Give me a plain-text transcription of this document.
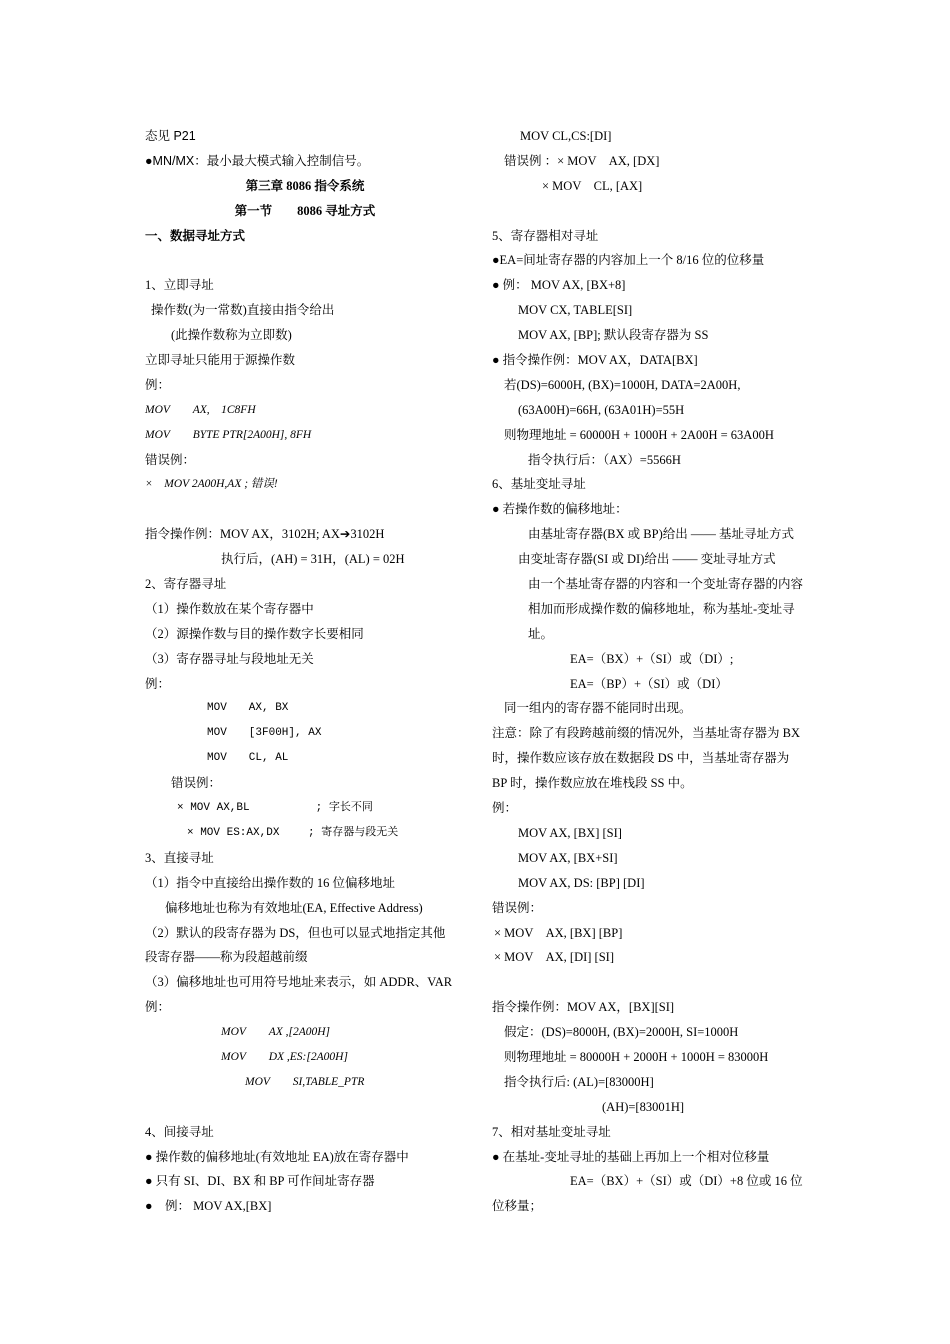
态见 P21
●MN/MX：最小最大模式输入控制信号。
第三章 8086 指令系统
第一节　　8086 寻址方式
一、数据寻址方式
1、立即寻址
操作数(为一常数)直接由指令给出
(此操作数称为立即数)
立即寻址只能用于源操作数
例：
MOV　　AX,　1C8FH
MOV　　BYTE PTR[2A00H], 8FH
错误例：
×　MOV 2A00H,AX ; 错误!
指令操作例：MOV AX，3102H; AX➔3102H
执行后，(AH) = 31H，(AL) = 02H
2、寄存器寻址
（1）操作数放在某个寄存器中
（2）源操作数与目的操作数字长要相同
（3）寄存器寻址与段地址无关
例：
MOV　　AX, BX
MOV　　[3F00H], AX
MOV　　CL, AL
错误例：
× MOV AX,BL　　　　　　; 字长不同
× MOV ES:AX,DX　　 ; 寄存器与段无关
3、直接寻址
（1）指令中直接给出操作数的 16 位偏移地址
偏移地址也称为有效地址(EA, Effective Address)
（2）默认的段寄存器为 DS，但也可以显式地指定其他
段寄存器——称为段超越前缀
（3）偏移地址也可用符号地址来表示，如 ADDR、VAR
例：
MOV　　AX ,[2A00H]
MOV　　DX ,ES:[2A00H]
MOV　　SI,TABLE_PTR
4、间接寻址
● 操作数的偏移地址(有效地址 EA)放在寄存器中
● 只有 SI、DI、BX 和 BP 可作间址寄存器
●　例： MOV AX,[BX]
MOV CL,CS:[DI]
错误例 ：× MOV　AX, [DX]
× MOV　CL, [AX]
5、寄存器相对寻址
●EA=间址寄存器的内容加上一个 8/16 位的位移量
● 例： MOV AX, [BX+8]
MOV CX, TABLE[SI]
MOV AX, [BP]; 默认段寄存器为 SS
● 指令操作例：MOV AX，DATA[BX]
若(DS)=6000H, (BX)=1000H, DATA=2A00H,
(63A00H)=66H, (63A01H)=55H
则物理地址 = 60000H + 1000H + 2A00H = 63A00H
指令执行后：（AX）=5566H
6、基址变址寻址
● 若操作数的偏移地址：
由基址寄存器(BX 或 BP)给出 —— 基址寻址方式
由变址寄存器(SI 或 DI)给出 —— 变址寻址方式
由一个基址寄存器的内容和一个变址寄存器的内容
相加而形成操作数的偏移地址，称为基址-变址寻
址。
EA=（BX）+（SI）或（DI）;
EA=（BP）+（SI）或（DI）
同一组内的寄存器不能同时出现。
注意：除了有段跨越前缀的情况外，当基址寄存器为 BX
时，操作数应该存放在数据段 DS 中，当基址寄存器为
BP 时，操作数应放在堆栈段 SS 中。
例：
MOV AX, [BX] [SI]
MOV AX, [BX+SI]
MOV AX, DS: [BP] [DI]
错误例：
× MOV　AX, [BX] [BP]
× MOV　AX, [DI] [SI]
指令操作例：MOV AX，[BX][SI]
假定：(DS)=8000H, (BX)=2000H, SI=1000H
则物理地址 = 80000H + 2000H + 1000H = 83000H
指令执行后: (AL)=[83000H]
(AH)=[83001H]
7、相对基址变址寻址
● 在基址-变址寻址的基础上再加上一个相对位移量
EA=（BX）+（SI）或（DI）+8 位或 16 位
位移量；
